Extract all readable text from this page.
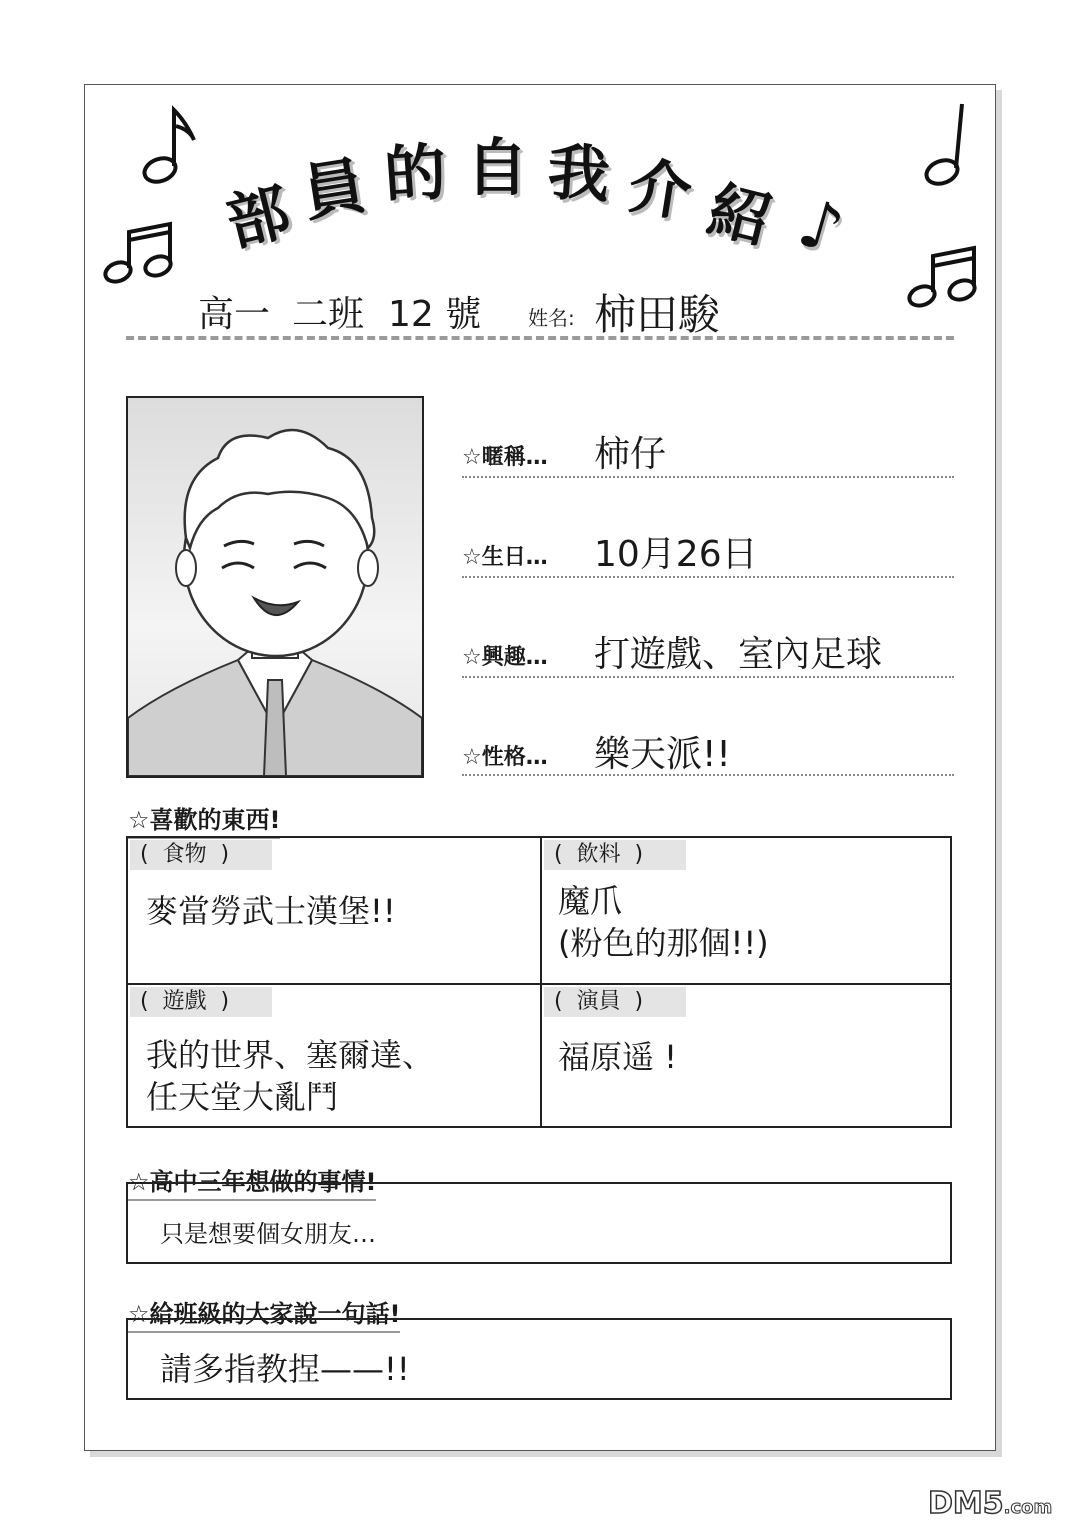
部 員 的 自 我 介 紹 ♪
高一 二班 12 號 姓名: 柿田駿
☆暱稱… 柿仔
☆生日… 10月26日
☆興趣… 打遊戲、室內足球
☆性格… 樂天派!!
☆喜歡的東西!
(  食物  )
麥當勞武士漢堡!!
(  飲料  )
魔爪
(粉色的那個!!)
(  遊戲  )
我的世界、塞爾達、
任天堂大亂鬥
(  演員  )
福原遥 !
☆高中三年想做的事情!
只是想要個女朋友…
☆給班級的大家說一句話!
請多指教捏——!!
DM5.com
